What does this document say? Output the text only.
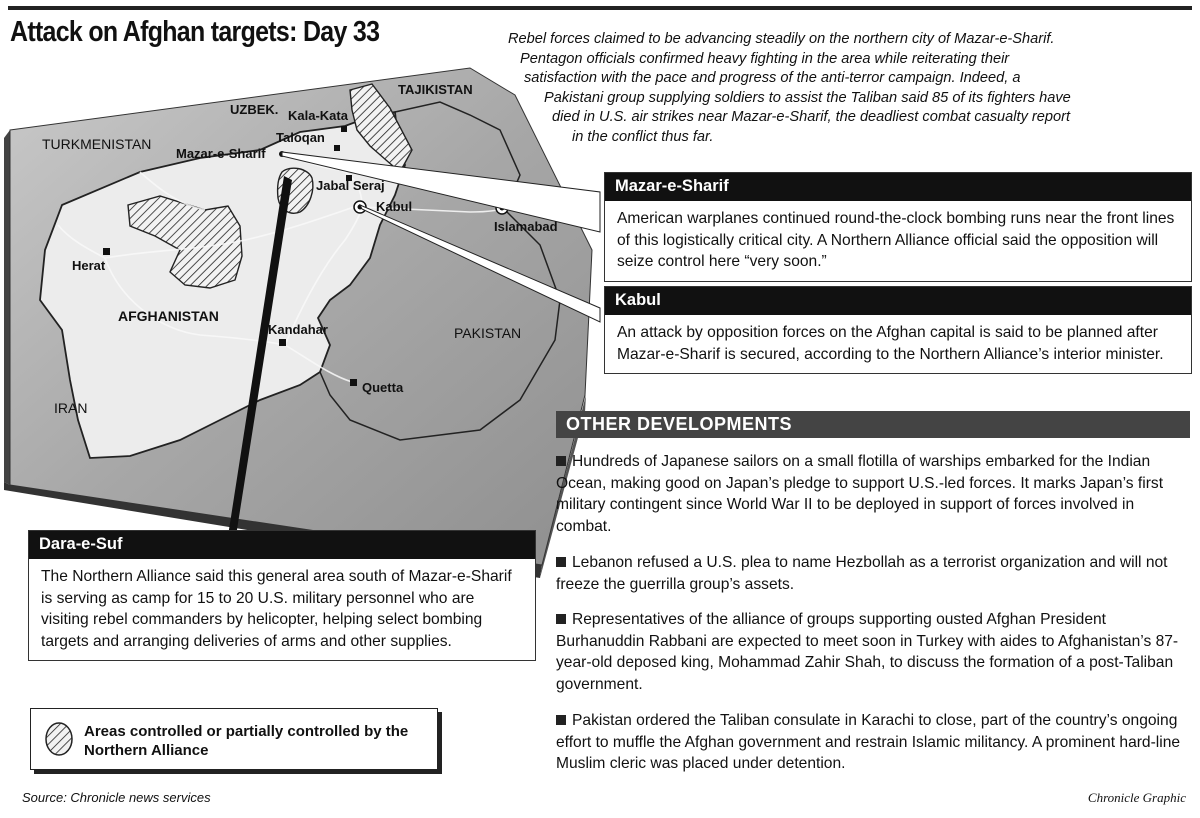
UZBEK.
TAJIKISTAN
TURKMENISTAN
Kala-Kata
Taloqan
Mazar-e-Sharif
Jabal Seraj
Kabul
Islamabad
Herat
AFGHANISTAN
Kandahar	PAKISTAN
Quetta
IRAN
Attack on Afghan targets: Day 33	Rebel forces claimed to be advancing steadily on the northern city of Mazar-e-Sharif.
Pentagon officials confirmed heavy fighting in the area while reiterating their
satisfaction with the pace and progress of the anti-terror campaign. Indeed, a
Pakistani group supplying soldiers to assist the Taliban said 85 of its fighters have
died in U.S. air strikes near Mazar-e-Sharif, the deadliest combat casualty report
in the conflict thus far.
Mazar-e-Sharif
American warplanes continued round-the-clock bombing runs near the front lines of this logistically critical city. A Northern Alliance official said the opposition will seize control here “very soon.”
Kabul
An attack by opposition forces on the Afghan capital is said to be planned after Mazar-e-Sharif is secured, according to the Northern Alliance’s interior minister.
Dara-e-Suf
The Northern Alliance said this general area south of Mazar-e-Sharif is serving as camp for 15 to 20 U.S. military personnel who are visiting rebel commanders by helicopter, helping select bombing targets and arranging deliveries of arms and other supplies.
OTHER DEVELOPMENTS
Hundreds of Japanese sailors on a small flotilla of warships embarked for the Indian Ocean, making good on Japan’s pledge to support U.S.-led forces. It marks Japan’s first military contingent since World War II to be deployed in support of forces involved in combat.
Lebanon refused a U.S. plea to name Hezbollah as a terrorist organization and will not freeze the guerrilla group’s assets.
Representatives of the alliance of groups supporting ousted Afghan President Burhanuddin Rabbani are expected to meet soon in Turkey with aides to Afghanistan’s 87-year-old deposed king, Mohammad Zahir Shah, to discuss the formation of a post-Taliban government.
Pakistan ordered the Taliban consulate in Karachi to close, part of the country’s ongoing effort to muffle the Afghan government and restrain Islamic militancy. A prominent hard-line Muslim cleric was placed under detention.
Areas controlled or partially controlled by the Northern Alliance
Source: Chronicle news services	Chronicle Graphic
